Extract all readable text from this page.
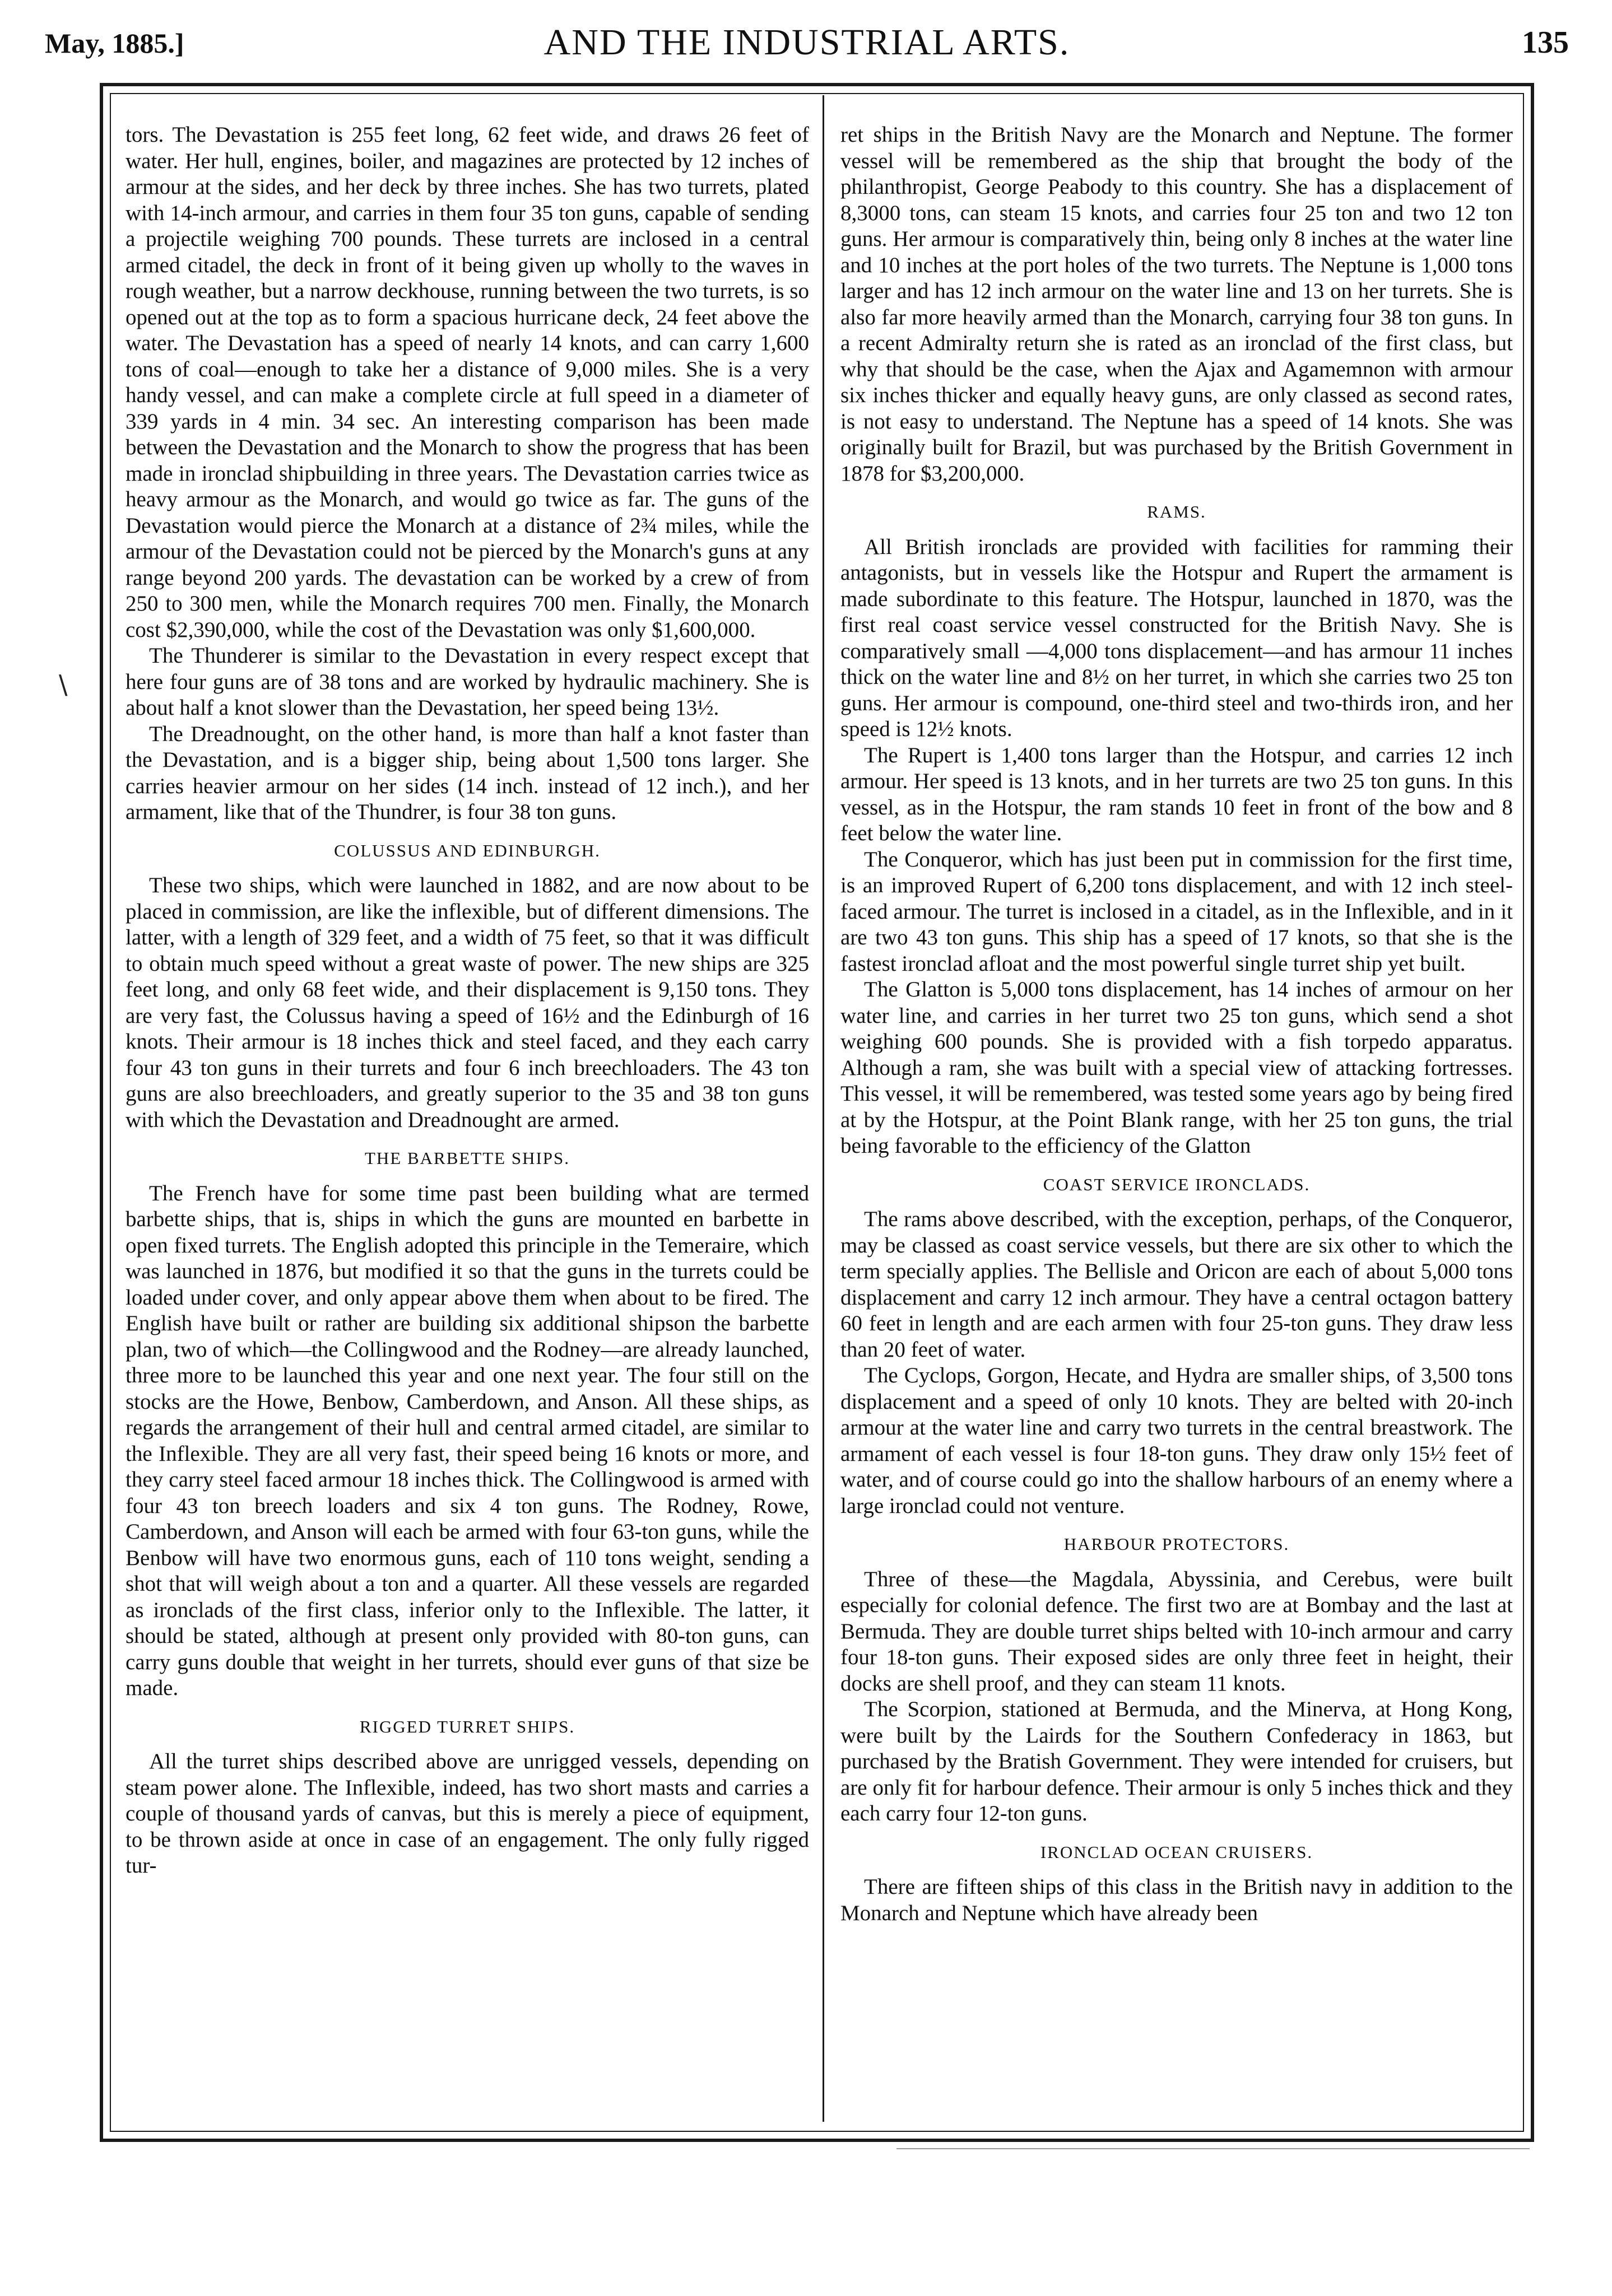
May, 1885.]	AND THE INDUSTRIAL ARTS.	135
\

tors. The Devastation is 255 feet long, 62 feet wide, and draws 26 feet of water. Her hull, engines, boiler, and magazines are protected by 12 inches of armour at the sides, and her deck by three inches. She has two turrets, plated with 14-inch armour, and carries in them four 35 ton guns, capable of sending a projectile weighing 700 pounds. These turrets are inclosed in a central armed citadel, the deck in front of it being given up wholly to the waves in rough weather, but a narrow deckhouse, running between the two turrets, is so opened out at the top as to form a spacious hurricane deck, 24 feet above the water. The Devastation has a speed of nearly 14 knots, and can carry 1,600 tons of coal—enough to take her a distance of 9,000 miles. She is a very handy vessel, and can make a complete circle at full speed in a diameter of 339 yards in 4 min. 34 sec. An interesting comparison has been made between the Devastation and the Monarch to show the progress that has been made in ironclad shipbuilding in three years. The Devastation carries twice as heavy armour as the Monarch, and would go twice as far. The guns of the Devastation would pierce the Monarch at a distance of 2¾ miles, while the armour of the Devastation could not be pierced by the Monarch's guns at any range beyond 200 yards. The devastation can be worked by a crew of from 250 to 300 men, while the Monarch requires 700 men. Finally, the Monarch cost $2,390,000, while the cost of the Devastation was only $1,600,000.

The Thunderer is similar to the Devastation in every respect except that here four guns are of 38 tons and are worked by hydraulic machinery. She is about half a knot slower than the Devastation, her speed being 13½.

The Dreadnought, on the other hand, is more than half a knot faster than the Devastation, and is a bigger ship, being about 1,500 tons larger. She carries heavier armour on her sides (14 inch. instead of 12 inch.), and her armament, like that of the Thundrer, is four 38 ton guns.

COLUSSUS AND EDINBURGH.

These two ships, which were launched in 1882, and are now about to be placed in commission, are like the inflexible, but of different dimensions. The latter, with a length of 329 feet, and a width of 75 feet, so that it was difficult to obtain much speed without a great waste of power. The new ships are 325 feet long, and only 68 feet wide, and their displacement is 9,150 tons. They are very fast, the Colussus having a speed of 16½ and the Edinburgh of 16 knots. Their armour is 18 inches thick and steel faced, and they each carry four 43 ton guns in their turrets and four 6 inch breechloaders. The 43 ton guns are also breechloaders, and greatly superior to the 35 and 38 ton guns with which the Devastation and Dreadnought are armed.

THE BARBETTE SHIPS.

The French have for some time past been building what are termed barbette ships, that is, ships in which the guns are mounted en barbette in open fixed turrets. The English adopted this principle in the Temeraire, which was launched in 1876, but modified it so that the guns in the turrets could be loaded under cover, and only appear above them when about to be fired. The English have built or rather are building six additional shipson the barbette plan, two of which—the Collingwood and the Rodney—are already launched, three more to be launched this year and one next year. The four still on the stocks are the Howe, Benbow, Camberdown, and Anson. All these ships, as regards the arrangement of their hull and central armed citadel, are similar to the Inflexible. They are all very fast, their speed being 16 knots or more, and they carry steel faced armour 18 inches thick. The Collingwood is armed with four 43 ton breech loaders and six 4 ton guns. The Rodney, Rowe, Camberdown, and Anson will each be armed with four 63-ton guns, while the Benbow will have two enormous guns, each of 110 tons weight, sending a shot that will weigh about a ton and a quarter. All these vessels are regarded as ironclads of the first class, inferior only to the Inflexible. The latter, it should be stated, although at present only provided with 80-ton guns, can carry guns double that weight in her turrets, should ever guns of that size be made.

RIGGED TURRET SHIPS.

All the turret ships described above are unrigged vessels, depending on steam power alone. The Inflexible, indeed, has two short masts and carries a couple of thousand yards of canvas, but this is merely a piece of equipment, to be thrown aside at once in case of an engagement. The only fully rigged tur-

ret ships in the British Navy are the Monarch and Neptune. The former vessel will be remembered as the ship that brought the body of the philanthropist, George Peabody to this country. She has a displacement of 8,3000 tons, can steam 15 knots, and carries four 25 ton and two 12 ton guns. Her armour is comparatively thin, being only 8 inches at the water line and 10 inches at the port holes of the two turrets. The Neptune is 1,000 tons larger and has 12 inch armour on the water line and 13 on her turrets. She is also far more heavily armed than the Monarch, carrying four 38 ton guns. In a recent Admiralty return she is rated as an ironclad of the first class, but why that should be the case, when the Ajax and Agamemnon with armour six inches thicker and equally heavy guns, are only classed as second rates, is not easy to understand. The Neptune has a speed of 14 knots. She was originally built for Brazil, but was purchased by the British Government in 1878 for $3,200,000.

RAMS.

All British ironclads are provided with facilities for ramming their antagonists, but in vessels like the Hotspur and Rupert the armament is made subordinate to this feature. The Hotspur, launched in 1870, was the first real coast service vessel constructed for the British Navy. She is comparatively small —4,000 tons displacement—and has armour 11 inches thick on the water line and 8½ on her turret, in which she carries two 25 ton guns. Her armour is compound, one-third steel and two-thirds iron, and her speed is 12½ knots.

The Rupert is 1,400 tons larger than the Hotspur, and carries 12 inch armour. Her speed is 13 knots, and in her turrets are two 25 ton guns. In this vessel, as in the Hotspur, the ram stands 10 feet in front of the bow and 8 feet below the water line.

The Conqueror, which has just been put in commission for the first time, is an improved Rupert of 6,200 tons displacement, and with 12 inch steel-faced armour. The turret is inclosed in a citadel, as in the Inflexible, and in it are two 43 ton guns. This ship has a speed of 17 knots, so that she is the fastest ironclad afloat and the most powerful single turret ship yet built.

The Glatton is 5,000 tons displacement, has 14 inches of armour on her water line, and carries in her turret two 25 ton guns, which send a shot weighing 600 pounds. She is provided with a fish torpedo apparatus. Although a ram, she was built with a special view of attacking fortresses. This vessel, it will be remembered, was tested some years ago by being fired at by the Hotspur, at the Point Blank range, with her 25 ton guns, the trial being favorable to the efficiency of the Glatton

COAST SERVICE IRONCLADS.

The rams above described, with the exception, perhaps, of the Conqueror, may be classed as coast service vessels, but there are six other to which the term specially applies. The Bellisle and Oricon are each of about 5,000 tons displacement and carry 12 inch armour. They have a central octagon battery 60 feet in length and are each armen with four 25-ton guns. They draw less than 20 feet of water.

The Cyclops, Gorgon, Hecate, and Hydra are smaller ships, of 3,500 tons displacement and a speed of only 10 knots. They are belted with 20-inch armour at the water line and carry two turrets in the central breastwork. The armament of each vessel is four 18-ton guns. They draw only 15½ feet of water, and of course could go into the shallow harbours of an enemy where a large ironclad could not venture.

HARBOUR PROTECTORS.

Three of these—the Magdala, Abyssinia, and Cerebus, were built especially for colonial defence. The first two are at Bombay and the last at Bermuda. They are double turret ships belted with 10-inch armour and carry four 18-ton guns. Their exposed sides are only three feet in height, their docks are shell proof, and they can steam 11 knots.

The Scorpion, stationed at Bermuda, and the Minerva, at Hong Kong, were built by the Lairds for the Southern Confederacy in 1863, but purchased by the Bratish Government. They were intended for cruisers, but are only fit for harbour defence. Their armour is only 5 inches thick and they each carry four 12-ton guns.

IRONCLAD OCEAN CRUISERS.

There are fifteen ships of this class in the British navy in addition to the Monarch and Neptune which have already been
